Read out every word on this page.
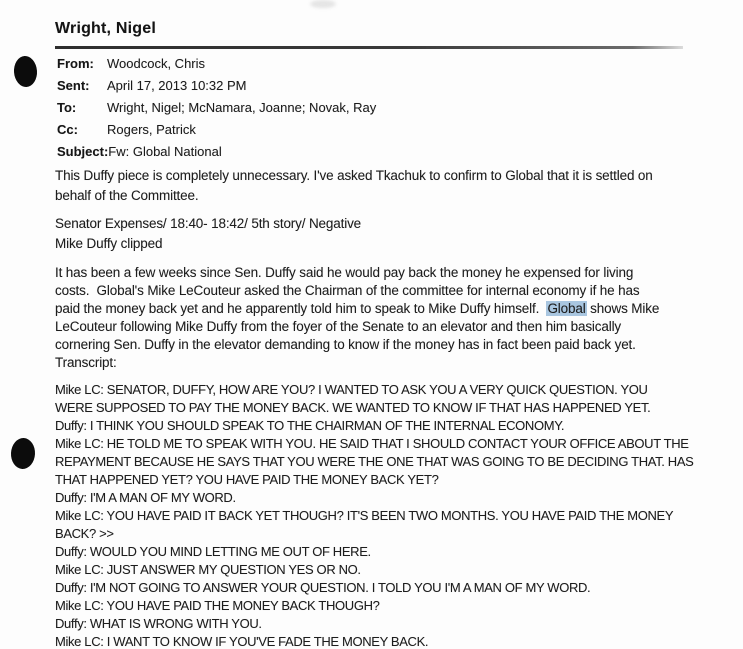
Wright, Nigel
From:	Woodcock, Chris
Sent:	April 17, 2013 10:32 PM
To:	Wright, Nigel; McNamara, Joanne; Novak, Ray
Cc:	Rogers, Patrick
Subject: Fw: Global National
This Duffy piece is completely unnecessary. I've asked Tkachuk to confirm to Global that it is settled on
behalf of the Committee.
Senator Expenses/ 18:40- 18:42/ 5th story/ Negative
Mike Duffy clipped
It has been a few weeks since Sen. Duffy said he would pay back the money he expensed for living
costs.  Global's Mike LeCouteur asked the Chairman of the committee for internal economy if he has
paid the money back yet and he apparently told him to speak to Mike Duffy himself.  Global shows Mike
LeCouteur following Mike Duffy from the foyer of the Senate to an elevator and then him basically
cornering Sen. Duffy in the elevator demanding to know if the money has in fact been paid back yet.
Transcript:
Mike LC: SENATOR, DUFFY, HOW ARE YOU? I WANTED TO ASK YOU A VERY QUICK QUESTION. YOU
WERE SUPPOSED TO PAY THE MONEY BACK. WE WANTED TO KNOW IF THAT HAS HAPPENED YET.
Duffy: I THINK YOU SHOULD SPEAK TO THE CHAIRMAN OF THE INTERNAL ECONOMY.
Mike LC: HE TOLD ME TO SPEAK WITH YOU. HE SAID THAT I SHOULD CONTACT YOUR OFFICE ABOUT THE
REPAYMENT BECAUSE HE SAYS THAT YOU WERE THE ONE THAT WAS GOING TO BE DECIDING THAT. HAS
THAT HAPPENED YET? YOU HAVE PAID THE MONEY BACK YET?
Duffy: I'M A MAN OF MY WORD.
Mike LC: YOU HAVE PAID IT BACK YET THOUGH? IT'S BEEN TWO MONTHS. YOU HAVE PAID THE MONEY
BACK? >>
Duffy: WOULD YOU MIND LETTING ME OUT OF HERE.
Mike LC: JUST ANSWER MY QUESTION YES OR NO.
Duffy: I'M NOT GOING TO ANSWER YOUR QUESTION. I TOLD YOU I'M A MAN OF MY WORD.
Mike LC: YOU HAVE PAID THE MONEY BACK THOUGH?
Duffy: WHAT IS WRONG WITH YOU.
Mike LC: I WANT TO KNOW IF YOU'VE FADE THE MONEY BACK.
